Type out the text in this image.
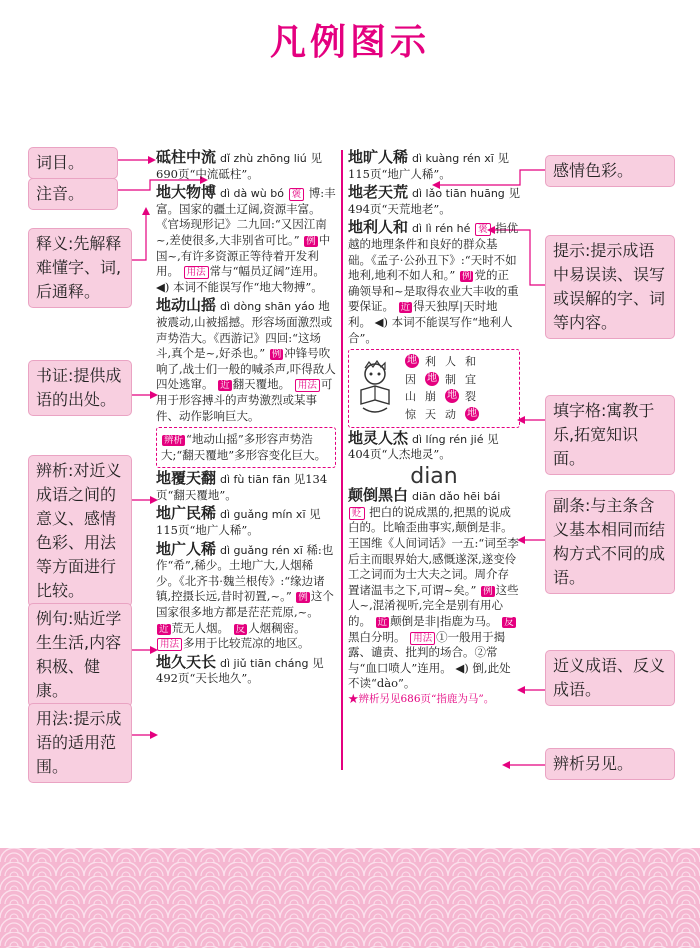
凡例图示
词目。
注音。
释义:先解释难懂字、词,后通释。
书证:提供成语的出处。
辨析:对近义成语之间的意义、感情色彩、用法等方面进行比较。
例句:贴近学生生活,内容积极、健康。
用法:提示成语的适用范围。
感情色彩。
提示:提示成语中易误读、误写或误解的字、词等内容。
填字格:寓教于乐,拓宽知识面。
副条:与主条含义基本相同而结构方式不同的成语。
近义成语、反义成语。
辨析另见。
砥柱中流 dǐ zhù zhōng liú 见690页“中流砥柱”。
地大物博 dì dà wù bó 褒 博:丰富。国家的疆土辽阔,资源丰富。《官场现形记》二九回:“又因江南~,差使很多,大非别省可比。” 例 中国~,有许多资源正等待着开发利用。 用法 常与“幅员辽阔”连用。 ◀) 本词不能误写作“地大物搏”。
地动山摇 dì dòng shān yáo 地被震动,山被摇撼。形容场面激烈或声势浩大。《西游记》四回:“这场斗,真个是~,好杀也。” 例 冲锋号吹响了,战士们一般的喊杀声,吓得敌人四处逃窜。 近 翻天覆地。 用法 可用于形容搏斗的声势激烈或某事件、动作影响巨大。
辨析 “地动山摇”多形容声势浩大;“翻天覆地”多形容变化巨大。
地覆天翻 dì fù tiān fān 见134页“翻天覆地”。
地广民稀 dì guǎng mín xī 见115页“地广人稀”。
地广人稀 dì guǎng rén xī 稀:也作“希”,稀少。土地广大,人烟稀少。《北齐书·魏兰根传》:“缘边诸镇,控摄长远,昔时初置,~。” 例 这个国家很多地方都是茫茫荒原,~。 近 荒无人烟。 反 人烟稠密。 用法 多用于比较荒凉的地区。
地久天长 dì jiǔ tiān cháng 见492页“天长地久”。
地旷人稀 dì kuàng rén xī 见115页“地广人稀”。
地老天荒 dì lǎo tiān huāng 见494页“天荒地老”。
地利人和 dì lì rén hé 褒 指优越的地理条件和良好的群众基础。《孟子·公孙丑下》:“天时不如地利,地利不如人和。” 例 党的正确领导和~是取得农业大丰收的重要保证。 近 得天独厚|天时地利。 ◀) 本词不能误写作“地利人合”。
地 利 人 和
因	地 制 宜
山 崩	地 裂
惊 天 动	地
地灵人杰 dì líng rén jié 见404页“人杰地灵”。
dian
颠倒黑白 diān dǎo hēi bái 贬 把白的说成黑的,把黑的说成白的。比喻歪曲事实,颠倒是非。王国维《人间词话》一五:“词至李后主而眼界始大,感慨遂深,遂变伶工之词而为士大夫之词。周介存置诸温韦之下,可谓~矣。” 例 这些人~,混淆视听,完全是别有用心的。 近 颠倒是非|指鹿为马。 反黑白分明。 用法 ①一般用于揭露、谴责、批判的场合。②常与“血口喷人”连用。 ◀) 倒,此处不读“dào”。
★辨析另见686页“指鹿为马”。
